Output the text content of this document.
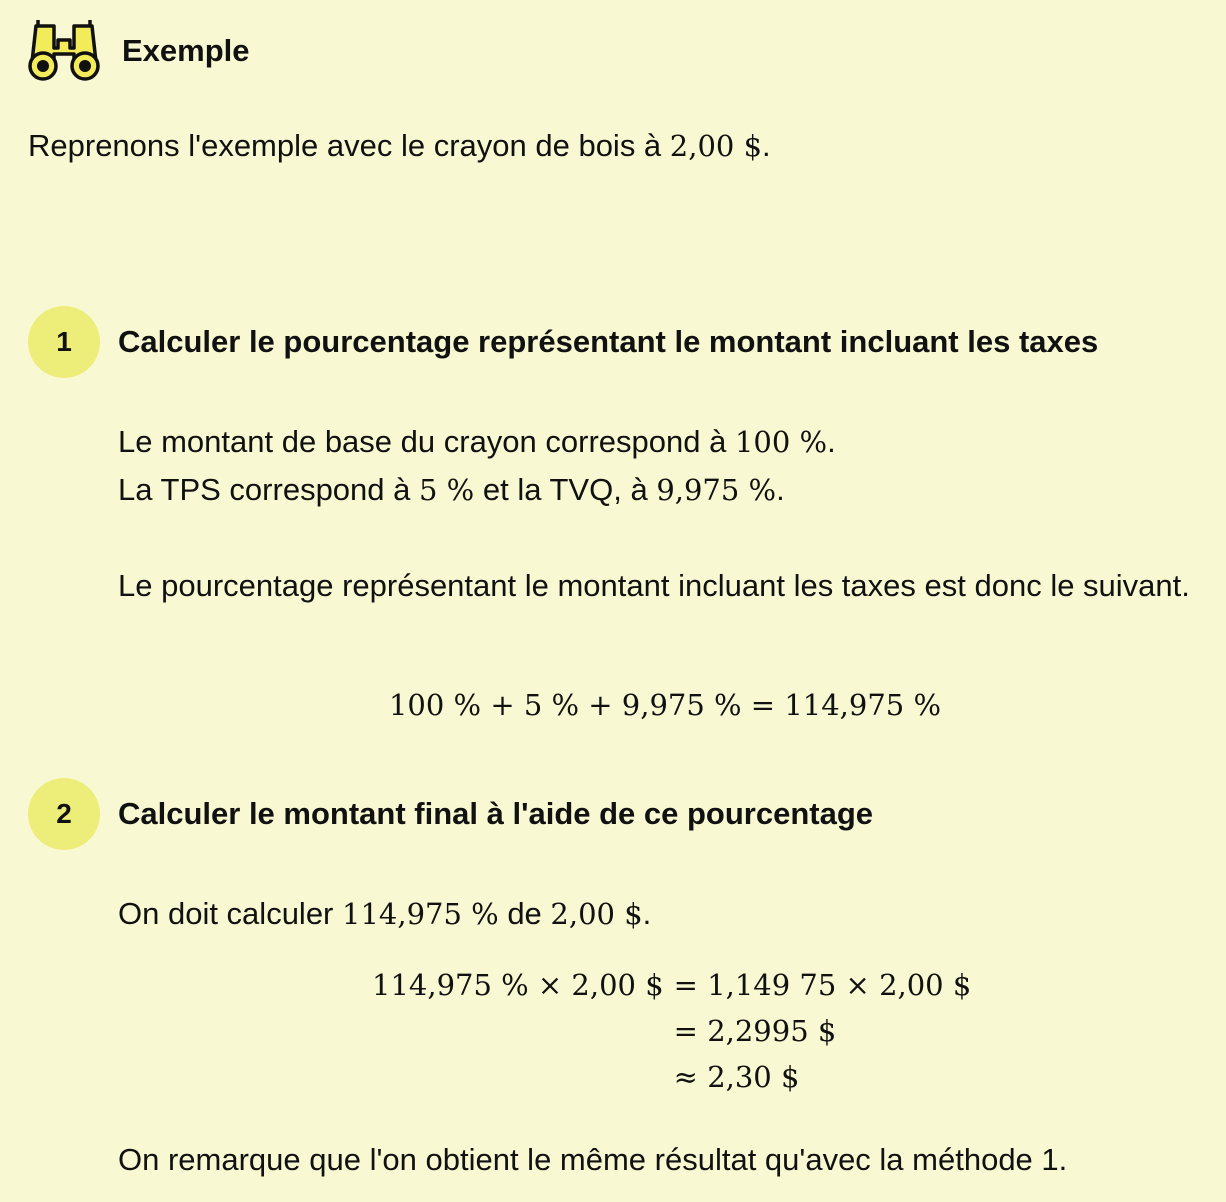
Exemple

Reprenons l'exemple avec le crayon de bois à 2,00 $.

1	Calculer le pourcentage représentant le montant incluant les taxes

Le montant de base du crayon correspond à 100 %.
La TPS correspond à 5 % et la TVQ, à 9,975 %.

Le pourcentage représentant le montant incluant les taxes est donc le suivant.

100 % + 5 % + 9,975 % = 114,975 %

2	Calculer le montant final à l'aide de ce pourcentage

On doit calculer 114,975 % de 2,00 $.

114,975 % × 2,00 $ = 1,149 75 × 2,00 $
= 2,2995 $
≈ 2,30 $

On remarque que l'on obtient le même résultat qu'avec la méthode 1.
